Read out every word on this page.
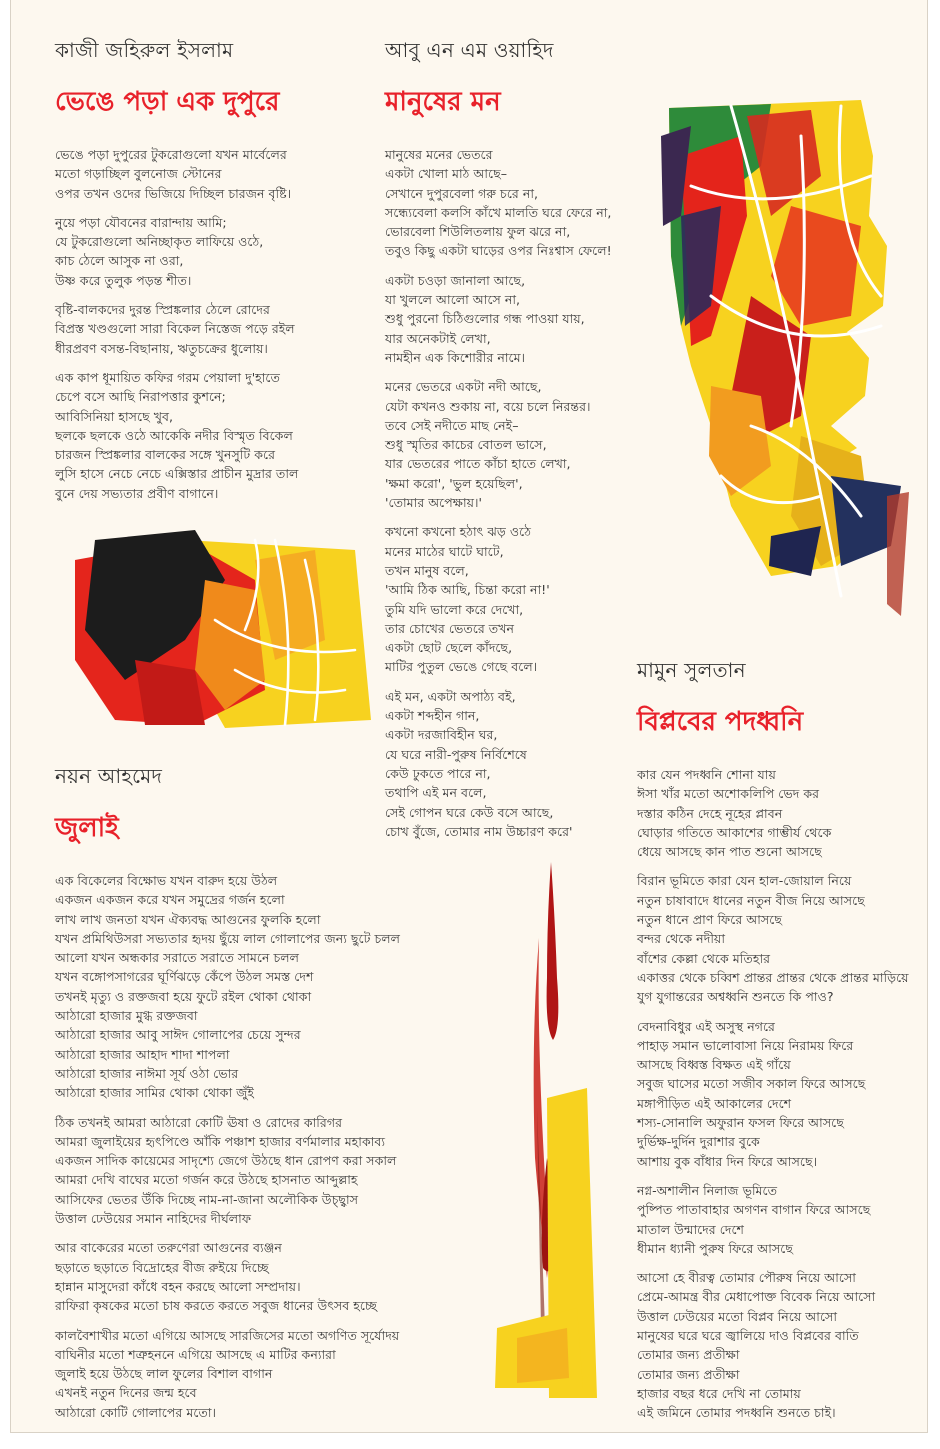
কাজী জহিরুল ইসলাম
ভেঙে পড়া এক দুপুরে
ভেঙে পড়া দুপুরের টুকরোগুলো যখন মার্বেলের
মতো গড়াচ্ছিল বুলনোজ স্টোনের
ওপর তখন ওদের ভিজিয়ে দিচ্ছিল চারজন বৃষ্টি।
নুয়ে পড়া যৌবনের বারান্দায় আমি;
যে টুকরোগুলো অনিচ্ছাকৃত লাফিয়ে ওঠে,
কাচ ঠেলে আসুক না ওরা,
উষ্ণ করে তুলুক পড়ন্ত শীত।
বৃষ্টি-বালকদের দুরন্ত স্প্রিঙ্কলার ঠেলে রোদের
বিপ্রস্ত খণ্ডগুলো সারা বিকেল নিস্তেজ পড়ে রইল
ধীরপ্রবণ বসন্ত-বিছানায়, ঋতুচক্রের ধুলোয়।
এক কাপ ধূমায়িত কফির গরম পেয়ালা দু'হাতে
চেপে বসে আছি নিরাপত্তার কুশনে;
আবিসিনিয়া হাসছে খুব,
ছলকে ছলকে ওঠে আকেকি নদীর বিস্মৃত বিকেল
চারজন স্প্রিঙ্কলার বালকের সঙ্গে খুনসুটি করে
লুসি হাসে নেচে নেচে এক্সিস্তার প্রাচীন মুদ্রার তাল
বুনে দেয় সভ্যতার প্রবীণ বাগানে।
আবু এন এম ওয়াহিদ
মানুষের মন
মানুষের মনের ভেতরে
একটা খোলা মাঠ আছে–
সেখানে দুপুরবেলা গরু চরে না,
সন্ধ্যেবেলা কলসি কাঁখে মালতি ঘরে ফেরে না,
ভোরবেলা শিউলিতলায় ফুল ঝরে না,
তবুও কিছু একটা ঘাড়ের ওপর নিঃশ্বাস ফেলে!
একটা চওড়া জানালা আছে,
যা খুললে আলো আসে না,
শুধু পুরনো চিঠিগুলোর গন্ধ পাওয়া যায়,
যার অনেকটাই লেখা,
নামহীন এক কিশোরীর নামে।
মনের ভেতরে একটা নদী আছে,
যেটা কখনও শুকায় না, বয়ে চলে নিরন্তর।
তবে সেই নদীতে মাছ নেই–
শুধু স্মৃতির কাচের বোতল ভাসে,
যার ভেতরের পাতে কাঁচা হাতে লেখা,
'ক্ষমা করো', 'ভুল হয়েছিল',
'তোমার অপেক্ষায়।'
কখনো কখনো হঠাৎ ঝড় ওঠে
মনের মাঠের ঘাটে ঘাটে,
তখন মানুষ বলে,
'আমি ঠিক আছি, চিন্তা করো না!'
তুমি যদি ভালো করে দেখো,
তার চোখের ভেতরে তখন
একটা ছোট ছেলে কাঁদছে,
মাটির পুতুল ভেঙে গেছে বলে।
এই মন, একটা অপাঠ্য বই,
একটা শব্দহীন গান,
একটা দরজাবিহীন ঘর,
যে ঘরে নারী-পুরুষ নির্বিশেষে
কেউ ঢুকতে পারে না,
তথাপি এই মন বলে,
সেই গোপন ঘরে কেউ বসে আছে,
চোখ বুঁজে, তোমার নাম উচ্চারণ করে'
নয়ন আহমেদ
জুলাই
এক বিকেলের বিক্ষোভ যখন বারুদ হয়ে উঠল
একজন একজন করে যখন সমুদ্রের গর্জন হলো
লাখ লাখ জনতা যখন ঐক্যবদ্ধ আগুনের ফুলকি হলো
যখন প্রমিথিউসরা সভ্যতার হৃদয় ছুঁয়ে লাল গোলাপের জন্য ছুটে চলল
আলো যখন অন্ধকার সরাতে সরাতে সামনে চলল
যখন বঙ্গোপসাগরের ঘূর্ণিঝড়ে কেঁপে উঠল সমস্ত দেশ
তখনই মৃত্যু ও রক্তজবা হয়ে ফুটে রইল থোকা থোকা
আঠারো হাজার মুগ্ধ রক্তজবা
আঠারো হাজার আবু সাঈদ গোলাপের চেয়ে সুন্দর
আঠারো হাজার আহাদ শাদা শাপলা
আঠারো হাজার নাঈমা সূর্য ওঠা ভোর
আঠারো হাজার সামির থোকা থোকা জুঁই
ঠিক তখনই আমরা আঠারো কোটি ঊষা ও রোদের কারিগর
আমরা জুলাইয়ের হৃৎপিণ্ডে আঁকি পঞ্চাশ হাজার বর্ণমালার মহাকাব্য
একজন সাদিক কায়েমের সাদৃশ্যে জেগে উঠছে ধান রোপণ করা সকাল
আমরা দেখি বাঘের মতো গর্জন করে উঠছে হাসনাত আব্দুল্লাহ
আসিফের ভেতর উঁকি দিচ্ছে নাম-না-জানা অলৌকিক উচ্ছ্বাস
উত্তাল ঢেউয়ের সমান নাহিদের দীর্ঘলাফ
আর বাকেরের মতো তরুণেরা আগুনের ব্যঞ্জন
ছড়াতে ছড়াতে বিদ্রোহের বীজ রুইয়ে দিচ্ছে
হান্নান মাসুদেরা কাঁধে বহন করছে আলো সম্প্রদায়।
রাফিরা কৃষকের মতো চাষ করতে করতে সবুজ ধানের উৎসব হচ্ছে
কালবৈশাখীর মতো এগিয়ে আসছে সারজিসের মতো অগণিত সূর্যোদয়
বাঘিনীর মতো শত্রুহননে এগিয়ে আসছে এ মাটির কন্যারা
জুলাই হয়ে উঠছে লাল ফুলের বিশাল বাগান
এখনই নতুন দিনের জন্ম হবে
আঠারো কোটি গোলাপের মতো।
মামুন সুলতান
বিপ্লবের পদধ্বনি
কার যেন পদধ্বনি শোনা যায়
ঈসা খাঁর মতো অশোকলিপি ভেদ কর
দস্তার কঠিন দেহে নূহের প্লাবন
ঘোড়ার গতিতে আকাশের গাম্ভীর্য থেকে
ধেয়ে আসছে কান পাত শুনো আসছে
বিরান ভূমিতে কারা যেন হাল-জোয়াল নিয়ে
নতুন চাষাবাদে ধানের নতুন বীজ নিয়ে আসছে
নতুন ধানে প্রাণ ফিরে আসছে
বন্দর থেকে নদীয়া
বাঁশের কেল্লা থেকে মতিহার
একাত্তর থেকে চব্বিশ প্রান্তর প্রান্তর থেকে প্রান্তর মাড়িয়ে
যুগ যুগান্তরের অশ্বধ্বনি শুনতে কি পাও?
বেদনাবিধুর এই অসুস্থ নগরে
পাহাড় সমান ভালোবাসা নিয়ে নিরাময় ফিরে
আসছে বিধ্বস্ত বিক্ষত এই গাঁয়ে
সবুজ ঘাসের মতো সজীব সকাল ফিরে আসছে
মঙ্গাপীড়িত এই আকালের দেশে
শস্য-সোনালি অফুরান ফসল ফিরে আসছে
দুর্ভিক্ষ-দুর্দিন দুরাশার বুকে
আশায় বুক বাঁধার দিন ফিরে আসছে।
নগ্ন-অশালীন নিলাজ ভূমিতে
পুষ্পিত পাতাবাহার অগণন বাগান ফিরে আসছে
মাতাল উন্মাদের দেশে
ধীমান ধ্যানী পুরুষ ফিরে আসছে
আসো হে বীরত্ব তোমার পৌরুষ নিয়ে আসো
প্রেমে-আমন্ত্র বীর মেধাপোক্ত বিবেক নিয়ে আসো
উত্তাল ঢেউয়ের মতো বিপ্লব নিয়ে আসো
মানুষের ঘরে ঘরে জ্বালিয়ে দাও বিপ্লবের বাতি
তোমার জন্য প্রতীক্ষা
তোমার জন্য প্রতীক্ষা
হাজার বছর ধরে দেখি না তোমায়
এই জমিনে তোমার পদধ্বনি শুনতে চাই।
